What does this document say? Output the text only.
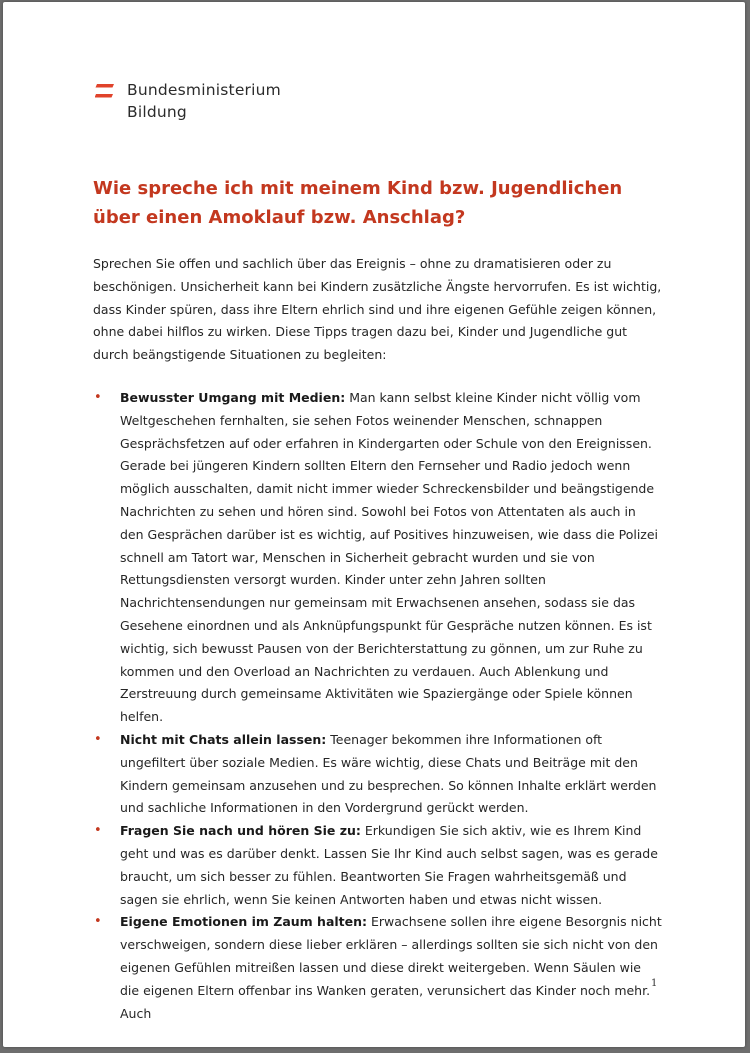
Bundesministerium
Bildung
Wie spreche ich mit meinem Kind bzw. Jugendlichen über einen Amoklauf bzw. Anschlag?

Sprechen Sie offen und sachlich über das Ereignis – ohne zu dramatisieren oder zu beschönigen. Unsicherheit kann bei Kindern zusätzliche Ängste hervorrufen. Es ist wichtig, dass Kinder spüren, dass ihre Eltern ehrlich sind und ihre eigenen Gefühle zeigen können, ohne dabei hilflos zu wirken. Diese Tipps tragen dazu bei, Kinder und Jugendliche gut durch beängstigende Situationen zu begleiten:

• Bewusster Umgang mit Medien: Man kann selbst kleine Kinder nicht völlig vom Weltgeschehen fernhalten, sie sehen Fotos weinender Menschen, schnappen Gesprächsfetzen auf oder erfahren in Kindergarten oder Schule von den Ereignissen. Gerade bei jüngeren Kindern sollten Eltern den Fernseher und Radio jedoch wenn möglich ausschalten, damit nicht immer wieder Schreckensbilder und beängstigende Nachrichten zu sehen und hören sind. Sowohl bei Fotos von Attentaten als auch in den Gesprächen darüber ist es wichtig, auf Positives hinzuweisen, wie dass die Polizei schnell am Tatort war, Menschen in Sicherheit gebracht wurden und sie von Rettungsdiensten versorgt wurden. Kinder unter zehn Jahren sollten Nachrichtensendungen nur gemeinsam mit Erwachsenen ansehen, sodass sie das Gesehene einordnen und als Anknüpfungspunkt für Gespräche nutzen können. Es ist wichtig, sich bewusst Pausen von der Berichterstattung zu gönnen, um zur Ruhe zu kommen und den Overload an Nachrichten zu verdauen. Auch Ablenkung und Zerstreuung durch gemeinsame Aktivitäten wie Spaziergänge oder Spiele können helfen.
• Nicht mit Chats allein lassen: Teenager bekommen ihre Informationen oft ungefiltert über soziale Medien. Es wäre wichtig, diese Chats und Beiträge mit den Kindern gemeinsam anzusehen und zu besprechen. So können Inhalte erklärt werden und sachliche Informationen in den Vordergrund gerückt werden.
• Fragen Sie nach und hören Sie zu: Erkundigen Sie sich aktiv, wie es Ihrem Kind geht und was es darüber denkt. Lassen Sie Ihr Kind auch selbst sagen, was es gerade braucht, um sich besser zu fühlen. Beantworten Sie Fragen wahrheitsgemäß und sagen sie ehrlich, wenn Sie keinen Antworten haben und etwas nicht wissen.
• Eigene Emotionen im Zaum halten: Erwachsene sollen ihre eigene Besorgnis nicht verschweigen, sondern diese lieber erklären – allerdings sollten sie sich nicht von den eigenen Gefühlen mitreißen lassen und diese direkt weitergeben. Wenn Säulen wie die eigenen Eltern offenbar ins Wanken geraten, verunsichert das Kinder noch mehr. Auch
1
